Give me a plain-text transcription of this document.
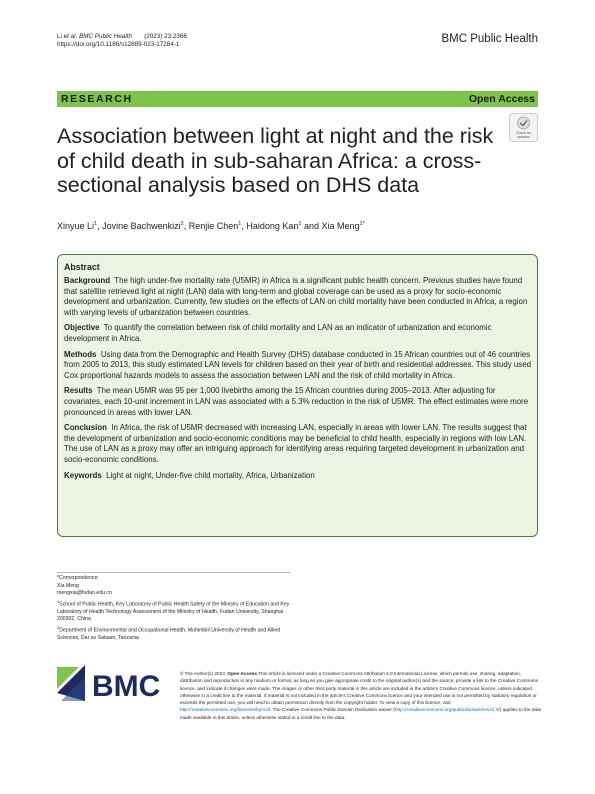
Li et al. BMC Public Health (2023) 23:2366
https://doi.org/10.1186/s12889-023-17284-1	BMC Public Health
RESEARCH	Open Access
Association between light at night and the risk of child death in sub-saharan Africa: a cross-sectional analysis based on DHS data
Check for
updates
Xinyue Li$^1$, Jovine Bachwenkizi$^2$, Renjie Chen$^1$, Haidong Kan$^1$ and Xia Meng$^{1*}$
Abstract

Background The high under-five mortality rate (U5MR) in Africa is a significant public health concern. Previous studies have found that satellite retrieved light at night (LAN) data with long-term and global coverage can be used as a proxy for socio-economic development and urbanization. Currently, few studies on the effects of LAN on child mortality have been conducted in Africa, a region with varying levels of urbanization between countries.

Objective To quantify the correlation between risk of child mortality and LAN as an indicator of urbanization and economic development in Africa.

Methods Using data from the Demographic and Health Survey (DHS) database conducted in 15 African countries out of 46 countries from 2005 to 2013, this study estimated LAN levels for children based on their year of birth and residential addresses. This study used Cox proportional hazards models to assess the association between LAN and the risk of child mortality in Africa.

Results The mean U5MR was 95 per 1,000 livebirths among the 15 African countries during 2005–2013. After adjusting for covariates, each 10-unit increment in LAN was associated with a 5.3% reduction in the risk of U5MR. The effect estimates were more pronounced in areas with lower LAN.

Conclusion In Africa, the risk of U5MR decreased with increasing LAN, especially in areas with lower LAN. The results suggest that the development of urbanization and socio-economic conditions may be beneficial to child health, especially in regions with low LAN. The use of LAN as a proxy may offer an intriguing approach for identifying areas requiring targeted development in urbanization and socio-economic conditions.

Keywords Light at night, Under-five child mortality, Africa, Urbanization

*Correspondence:
Xia Meng
mengxia@fudan.edu.cn
$^1$School of Public Health, Key Laboratory of Public Health Safety of the Ministry of Education and Key Laboratory of Health Technology Assessment of the Ministry of Health, Fudan University, Shanghai 200302, China
$^2$Department of Environmental and Occupational Health, Muhimbili University of Health and Allied Sciences, Dar es Salaam, Tanzania
BMC	© The Author(s) 2023. Open Access This article is licensed under a Creative Commons Attribution 4.0 International License, which permits use, sharing, adaptation, distribution and reproduction in any medium or format, as long as you give appropriate credit to the original author(s) and the source, provide a link to the Creative Commons licence, and indicate if changes were made. The images or other third party material in this article are included in the article's Creative Commons licence, unless indicated otherwise in a credit line to the material. If material is not included in the article's Creative Commons licence and your intended use is not permitted by statutory regulation or exceeds the permitted use, you will need to obtain permission directly from the copyright holder. To view a copy of this licence, visit http://creativecommons.org/licenses/by/4.0/. The Creative Commons Public Domain Dedication waiver (http://creativecommons.org/publicdomain/zero/1.0/) applies to the data made available in this article, unless otherwise stated in a credit line to the data.
